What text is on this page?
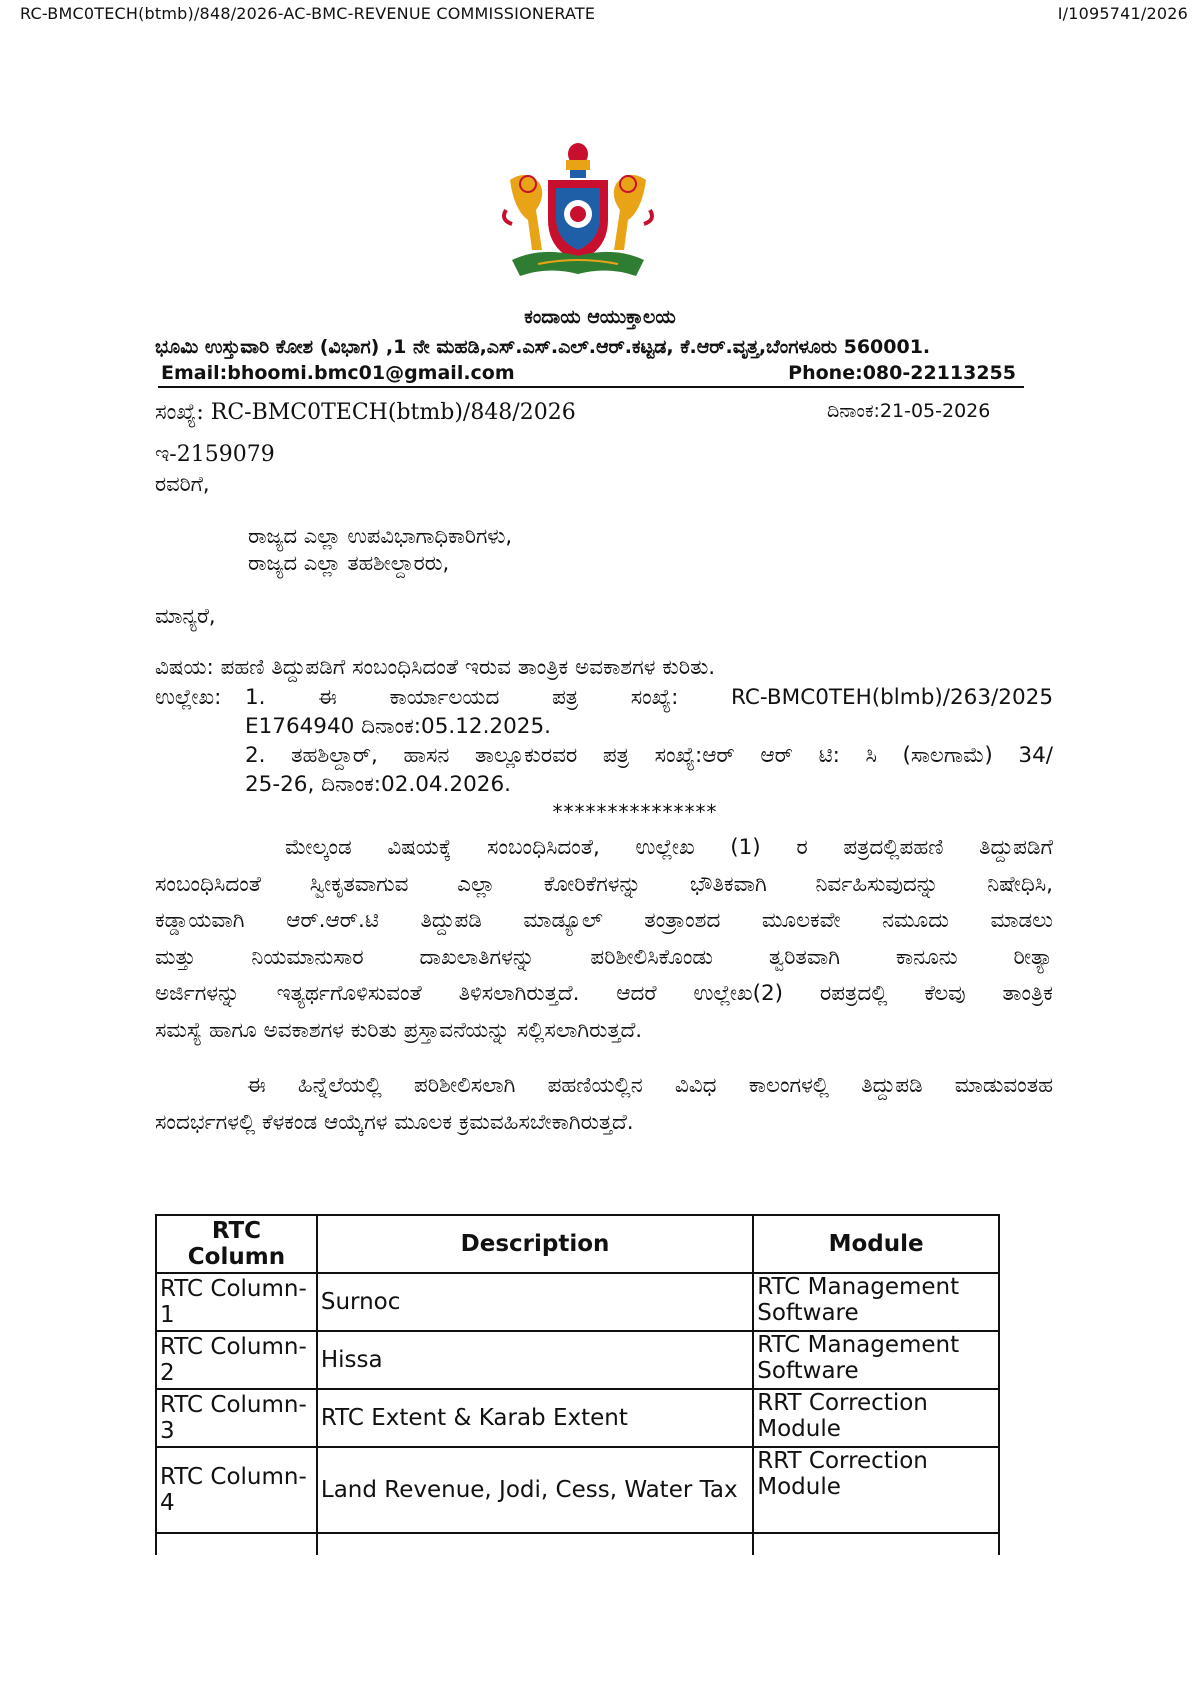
RC-BMC0TECH(btmb)/848/2026-AC-BMC-REVENUE COMMISSIONERATE	I/1095741/2026
ಕಂದಾಯ ಆಯುಕ್ತಾಲಯ
ಭೂಮಿ ಉಸ್ತುವಾರಿ ಕೋಶ (ವಿಭಾಗ) ,1 ನೇ ಮಹಡಿ,ಎಸ್.ಎಸ್.ಎಲ್.ಆರ್.ಕಟ್ಟಡ, ಕೆ.ಆರ್.ವೃತ್ತ,ಬೆಂಗಳೂರು 560001.
Email:bhoomi.bmc01@gmail.com	Phone:080-22113255
ಸಂಖ್ಯೆ: RC-BMC0TECH(btmb)/848/2026	ದಿನಾಂಕ:21-05-2026
ಇ-2159079
ರವರಿಗೆ,
ರಾಜ್ಯದ ಎಲ್ಲಾ ಉಪವಿಭಾಗಾಧಿಕಾರಿಗಳು,
ರಾಜ್ಯದ ಎಲ್ಲಾ ತಹಶೀಲ್ದಾರರು,
ಮಾನ್ಯರೆ,
ವಿಷಯ: ಪಹಣಿ ತಿದ್ದುಪಡಿಗೆ ಸಂಬಂಧಿಸಿದಂತೆ ಇರುವ ತಾಂತ್ರಿಕ ಅವಕಾಶಗಳ ಕುರಿತು.
ಉಲ್ಲೇಖ:	1. ಈ ಕಾರ್ಯಾಲಯದ ಪತ್ರ ಸಂಖ್ಯೆ: RC-BMC0TEH(blmb)/263/2025
E1764940 ದಿನಾಂಕ:05.12.2025.
2. ತಹಶಿಲ್ದಾರ್, ಹಾಸನ ತಾಲ್ಲೂಕುರವರ ಪತ್ರ ಸಂಖ್ಯೆ:ಆರ್ ಆರ್ ಟಿ: ಸಿ (ಸಾಲಗಾಮೆ) 34/
25-26, ದಿನಾಂಕ:02.04.2026.
***************
ಮೇಲ್ಕಂಡ ವಿಷಯಕ್ಕೆ ಸಂಬಂಧಿಸಿದಂತೆ, ಉಲ್ಲೇಖ (1) ರ ಪತ್ರದಲ್ಲಿಪಹಣಿ ತಿದ್ದುಪಡಿಗೆ
ಸಂಬಂಧಿಸಿದಂತೆ ಸ್ವೀಕೃತವಾಗುವ ಎಲ್ಲಾ ಕೋರಿಕೆಗಳನ್ನು ಭೌತಿಕವಾಗಿ ನಿರ್ವಹಿಸುವುದನ್ನು ನಿಷೇಧಿಸಿ,
ಕಡ್ಡಾಯವಾಗಿ ಆರ್.ಆರ್.ಟಿ ತಿದ್ದುಪಡಿ ಮಾಡ್ಯೂಲ್ ತಂತ್ರಾಂಶದ ಮೂಲಕವೇ ನಮೂದು ಮಾಡಲು
ಮತ್ತು ನಿಯಮಾನುಸಾರ ದಾಖಲಾತಿಗಳನ್ನು ಪರಿಶೀಲಿಸಿಕೊಂಡು ತ್ವರಿತವಾಗಿ ಕಾನೂನು ರೀತ್ಯಾ
ಅರ್ಜಿಗಳನ್ನು ಇತ್ಯರ್ಥಗೊಳಿಸುವಂತೆ ತಿಳಿಸಲಾಗಿರುತ್ತದೆ. ಆದರೆ ಉಲ್ಲೇಖ(2) ರಪತ್ರದಲ್ಲಿ ಕೆಲವು ತಾಂತ್ರಿಕ
ಸಮಸ್ಯೆ ಹಾಗೂ ಅವಕಾಶಗಳ ಕುರಿತು ಪ್ರಸ್ತಾವನೆಯನ್ನು ಸಲ್ಲಿಸಲಾಗಿರುತ್ತದೆ.
ಈ ಹಿನ್ನೆಲೆಯಲ್ಲಿ ಪರಿಶೀಲಿಸಲಾಗಿ ಪಹಣಿಯಲ್ಲಿನ ವಿವಿಧ ಕಾಲಂಗಳಲ್ಲಿ ತಿದ್ದುಪಡಿ ಮಾಡುವಂತಹ
ಸಂದರ್ಭಗಳಲ್ಲಿ ಕೆಳಕಂಡ ಆಯ್ಕೆಗಳ ಮೂಲಕ ಕ್ರಮವಹಿಸಬೇಕಾಗಿರುತ್ತದೆ.
RTC Column	Description	Module
RTC Column-1	Surnoc	RTC Management Software
RTC Column-2	Hissa	RTC Management Software
RTC Column-3	RTC Extent & Karab Extent	RRT Correction Module
RTC Column-4	Land Revenue, Jodi, Cess, Water Tax	RRT Correction Module
